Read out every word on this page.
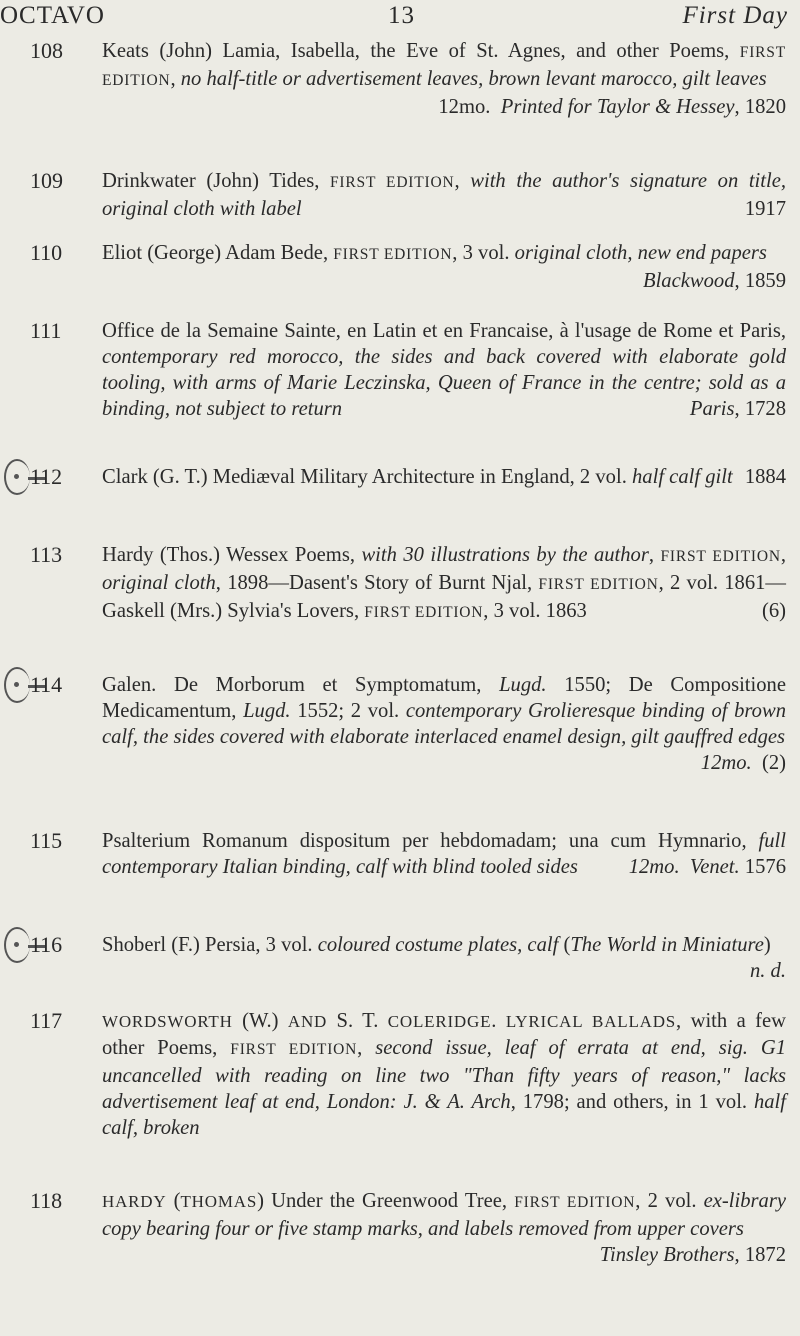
OCTAVO	13	First Day
108	Keats (John) Lamia, Isabella, the Eve of St. Agnes, and other Poems, FIRST EDITION, no half-title or advertisement leaves, brown levant marocco, gilt leaves
12mo.  Printed for Taylor & Hessey, 1820
109	Drinkwater (John) Tides, FIRST EDITION, with the author's signature on title, original cloth with label	1917
110	Eliot (George) Adam Bede, FIRST EDITION, 3 vol. original cloth, new end papers
Blackwood, 1859
111	Office de la Semaine Sainte, en Latin et en Francaise, à l'usage de Rome et Paris, contemporary red morocco, the sides and back covered with elaborate gold tooling, with arms of Marie Leczinska, Queen of France in the centre; sold as a binding, not subject to return	Paris, 1728
112	Clark (G. T.) Mediæval Military Architecture in England, 2 vol. half calf gilt 1884
113	Hardy (Thos.) Wessex Poems, with 30 illustrations by the author, FIRST EDITION, original cloth, 1898—Dasent's Story of Burnt Njal, FIRST EDITION, 2 vol. 1861—Gaskell (Mrs.) Sylvia's Lovers, FIRST EDITION, 3 vol. 1863	(6)
114	Galen. De Morborum et Symptomatum, Lugd. 1550; De Compositione Medicamentum, Lugd. 1552; 2 vol. contemporary Grolieresque binding of brown calf, the sides covered with elaborate interlaced enamel design, gilt gauffred edges
12mo.  (2)
115	Psalterium Romanum dispositum per hebdomadam; una cum Hymnario, full contemporary Italian binding, calf with blind tooled sides 12mo.  Venet. 1576
116	Shoberl (F.) Persia, 3 vol. coloured costume plates, calf (The World in Miniature)
n. d.
117	WORDSWORTH (W.) AND S. T. COLERIDGE. LYRICAL BALLADS, with a few other Poems, FIRST EDITION, second issue, leaf of errata at end, sig. G1 uncancelled with reading on line two "Than fifty years of reason," lacks advertisement leaf at end, London: J. & A. Arch, 1798; and others, in 1 vol. half calf, broken
118	HARDY (THOMAS) Under the Greenwood Tree, FIRST EDITION, 2 vol. ex-library copy bearing four or five stamp marks, and labels removed from upper covers
Tinsley Brothers, 1872
